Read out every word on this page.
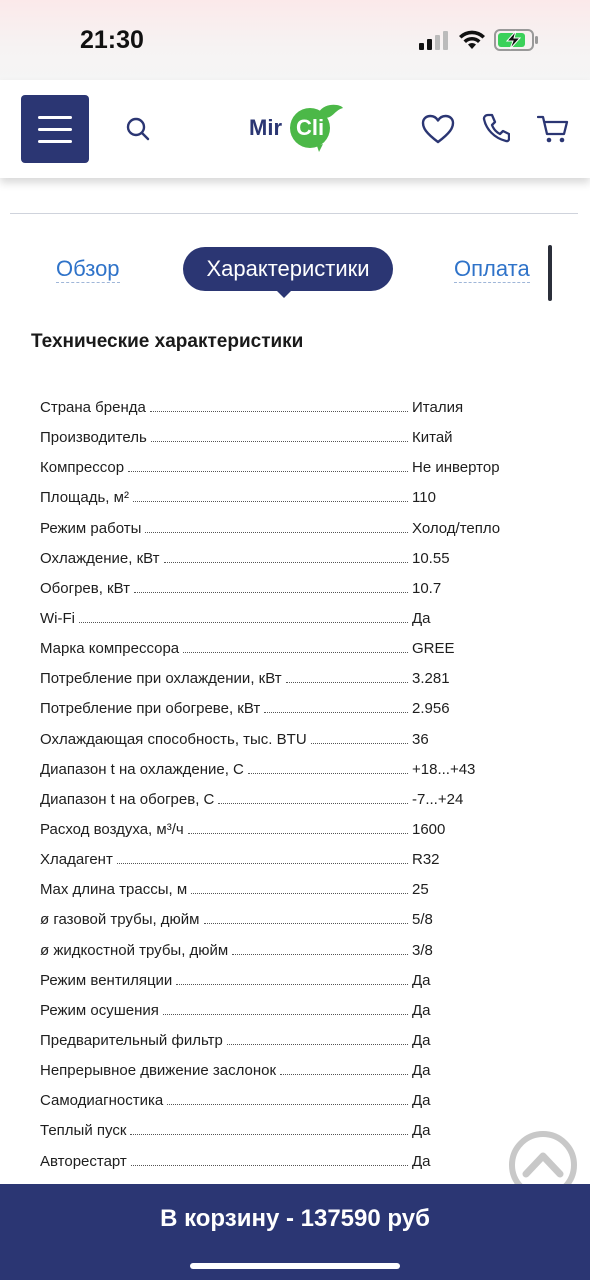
21:30
Mir Cli
Обзор	Характеристики	Оплата
Технические характеристики
Страна бренда	Италия
Производитель	Китай
Компрессор	Не инвертор
Площадь, м²	110
Режим работы	Холод/тепло
Охлаждение, кВт	10.55
Обогрев, кВт	10.7
Wi-Fi	Да
Марка компрессора	GREE
Потребление при охлаждении, кВт	3.281
Потребление при обогреве, кВт	2.956
Охлаждающая способность, тыс. BTU	36
Диапазон t на охлаждение, С	+18...+43
Диапазон t на обогрев, С	-7...+24
Расход воздуха, м³/ч	1600
Хладагент	R32
Max длина трассы, м	25
ø газовой трубы, дюйм	5/8
ø жидкостной трубы, дюйм	3/8
Режим вентиляции	Да
Режим осушения	Да
Предварительный фильтр	Да
Непрерывное движение заслонок	Да
Самодиагностика	Да
Теплый пуск	Да
Авторестарт	Да
В корзину - 137590 руб
